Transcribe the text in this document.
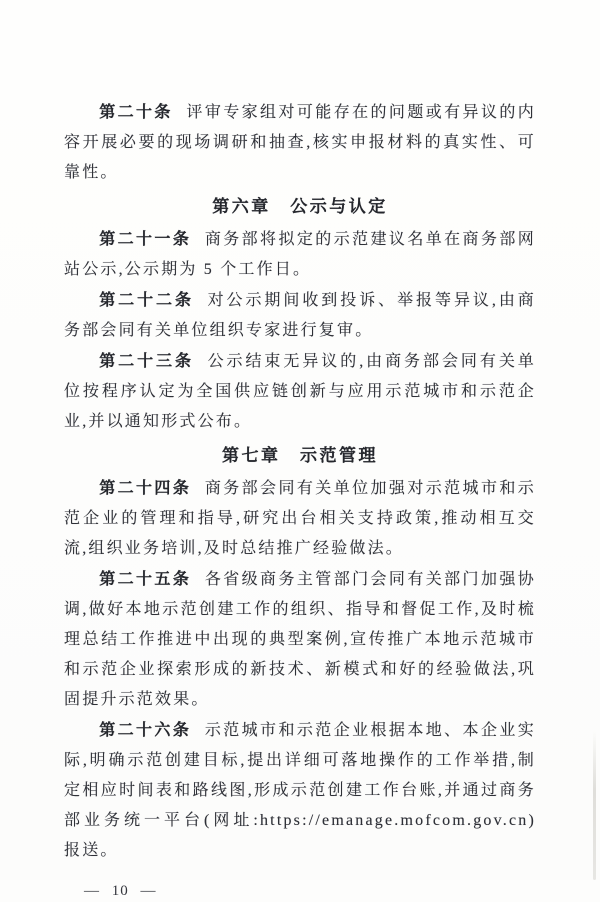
第二十条 评审专家组对可能存在的问题或有异议的内容开展必要的现场调研和抽查,核实申报材料的真实性、可靠性。

第六章　公示与认定

第二十一条 商务部将拟定的示范建议名单在商务部网站公示,公示期为 5 个工作日。

第二十二条 对公示期间收到投诉、举报等异议,由商务部会同有关单位组织专家进行复审。

第二十三条 公示结束无异议的,由商务部会同有关单位按程序认定为全国供应链创新与应用示范城市和示范企业,并以通知形式公布。

第七章　示范管理

第二十四条 商务部会同有关单位加强对示范城市和示范企业的管理和指导,研究出台相关支持政策,推动相互交流,组织业务培训,及时总结推广经验做法。

第二十五条 各省级商务主管部门会同有关部门加强协调,做好本地示范创建工作的组织、指导和督促工作,及时梳理总结工作推进中出现的典型案例,宣传推广本地示范城市和示范企业探索形成的新技术、新模式和好的经验做法,巩固提升示范效果。

第二十六条 示范城市和示范企业根据本地、本企业实际,明确示范创建目标,提出详细可落地操作的工作举措,制定相应时间表和路线图,形成示范创建工作台账,并通过商务部业务统一平台(网址:https://emanage.mofcom.gov.cn)报送。

— 10 —
